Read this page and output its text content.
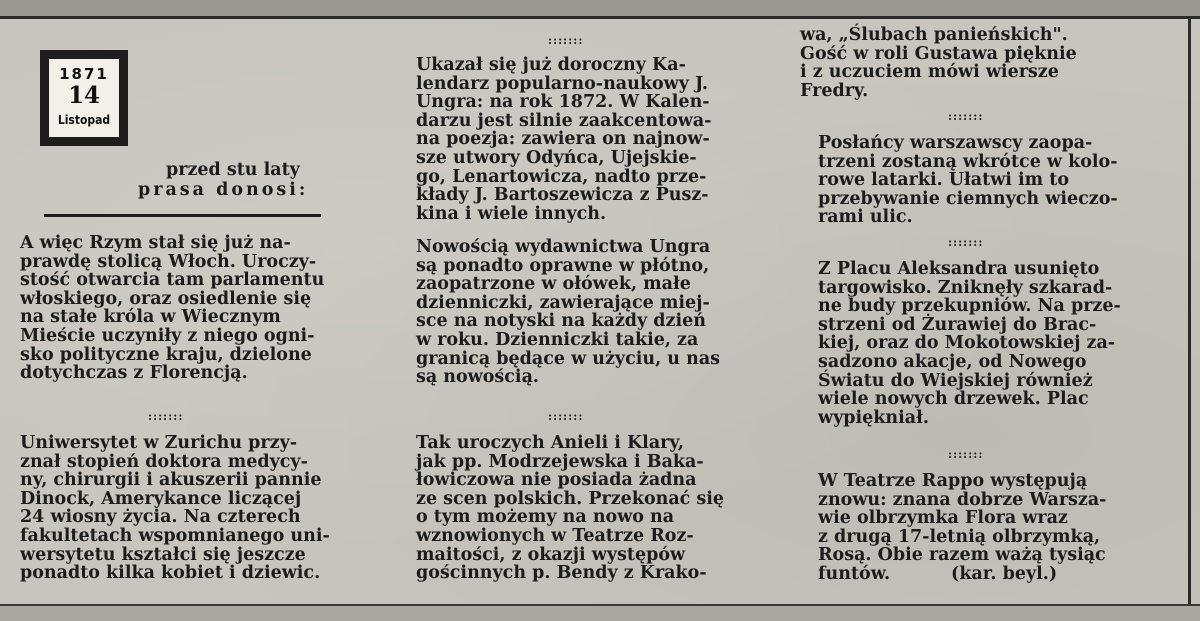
1871
14
Listopad
przed stu laty
prasa donosi:

A więc Rzym stał się już na-

prawdę stolicą Włoch. Uroczy-

stość otwarcia tam parlamentu

włoskiego, oraz osiedlenie się

na stałe króla w Wiecznym

Mieście uczyniły z niego ogni-

sko polityczne kraju, dzielone

dotychczas z Florencją.

:::::::

Uniwersytet w Zurichu przy-

znał stopień doktora medycy-

ny, chirurgii i akuszerii pannie

Dinock, Amerykance liczącej

24 wiosny życia. Na czterech

fakultetach wspomnianego uni-

wersytetu kształci się jeszcze

ponadto kilka kobiet i dziewic.

:::::::

Ukazał się już doroczny Ka-

lendarz popularno-naukowy J.

Ungra: na rok 1872. W Kalen-

darzu jest silnie zaakcentowa-

na poezja: zawiera on najnow-

sze utwory Odyńca, Ujejskie-

go, Lenartowicza, nadto prze-

kłady J. Bartoszewicza z Pusz-

kina i wiele innych.

Nowością wydawnictwa Ungra

są ponadto oprawne w płótno,

zaopatrzone w ołówek, małe

dzienniczki, zawierające miej-

sce na notyski na każdy dzień

w roku. Dzienniczki takie, za

granicą będące w użyciu, u nas

są nowością.

:::::::

Tak uroczych Anieli i Klary,

jak pp. Modrzejewska i Baka-

łowiczowa nie posiada żadna

ze scen polskich. Przekonać się

o tym możemy na nowo na

wznowionych w Teatrze Roz-

maitości, z okazji występów

gościnnych p. Bendy z Krako-

wa, „Ślubach panieńskich".

Gość w roli Gustawa pięknie

i z uczuciem mówi wiersze

Fredry.

:::::::

Posłańcy warszawscy zaopa-

trzeni zostaną wkrótce w kolo-

rowe latarki. Ułatwi im to

przebywanie ciemnych wieczo-

rami ulic.

:::::::

Z Placu Aleksandra usunięto

targowisko. Zniknęły szkarad-

ne budy przekupniów. Na prze-

strzeni od Żurawiej do Brac-

kiej, oraz do Mokotowskiej za-

sadzono akacje, od Nowego

Światu do Wiejskiej również

wiele nowych drzewek. Plac

wypiękniał.

:::::::

W Teatrze Rappo występują

znowu: znana dobrze Warsza-

wie olbrzymka Flora wraz

z drugą 17-letnią olbrzymką,

Rosą. Obie razem ważą tysiąc

funtów.          (kar. beyl.)
